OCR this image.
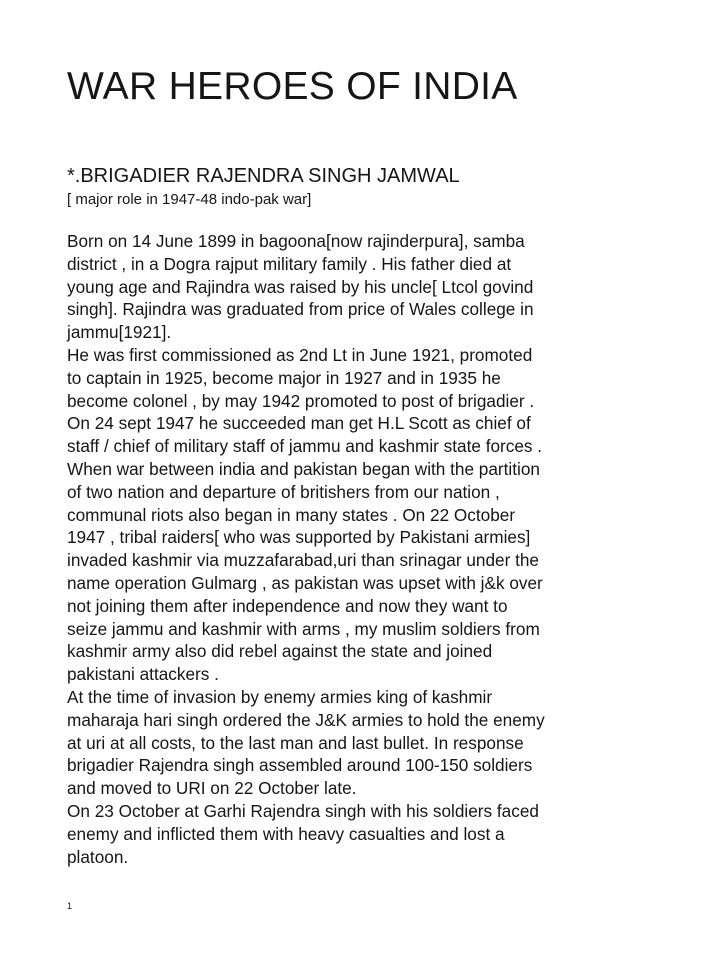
WAR HEROES OF INDIA
*.BRIGADIER RAJENDRA SINGH JAMWAL

[ major role in 1947-48 indo-pak war]

Born on 14 June 1899 in bagoona[now rajinderpura], samba
district , in a Dogra rajput military family . His father died at
young age and Rajindra was raised by his uncle[ Ltcol govind
singh]. Rajindra was graduated from price of Wales college in
jammu[1921].
He was first commissioned as 2nd Lt in June 1921, promoted
to captain in 1925, become major in 1927 and in 1935 he
become colonel , by may 1942 promoted to post of brigadier .
On 24 sept 1947 he succeeded man get H.L Scott as chief of
staff / chief of military staff of jammu and kashmir state forces .
When war between india and pakistan began with the partition
of two nation and departure of britishers from our nation ,
communal riots also began in many states . On 22 October
1947 , tribal raiders[ who was supported by Pakistani armies]
invaded kashmir via muzzafarabad,uri than srinagar under the
name operation Gulmarg , as pakistan was upset with j&k over
not joining them after independence and now they want to
seize jammu and kashmir with arms , my muslim soldiers from
kashmir army also did rebel against the state and joined
pakistani attackers .
At the time of invasion by enemy armies king of kashmir
maharaja hari singh ordered the J&K armies to hold the enemy
at uri at all costs, to the last man and last bullet. In response
brigadier Rajendra singh assembled around 100-150 soldiers
and moved to URI on 22 October late.
On 23 October at Garhi Rajendra singh with his soldiers faced
enemy and inflicted them with heavy casualties and lost a
platoon.
1
